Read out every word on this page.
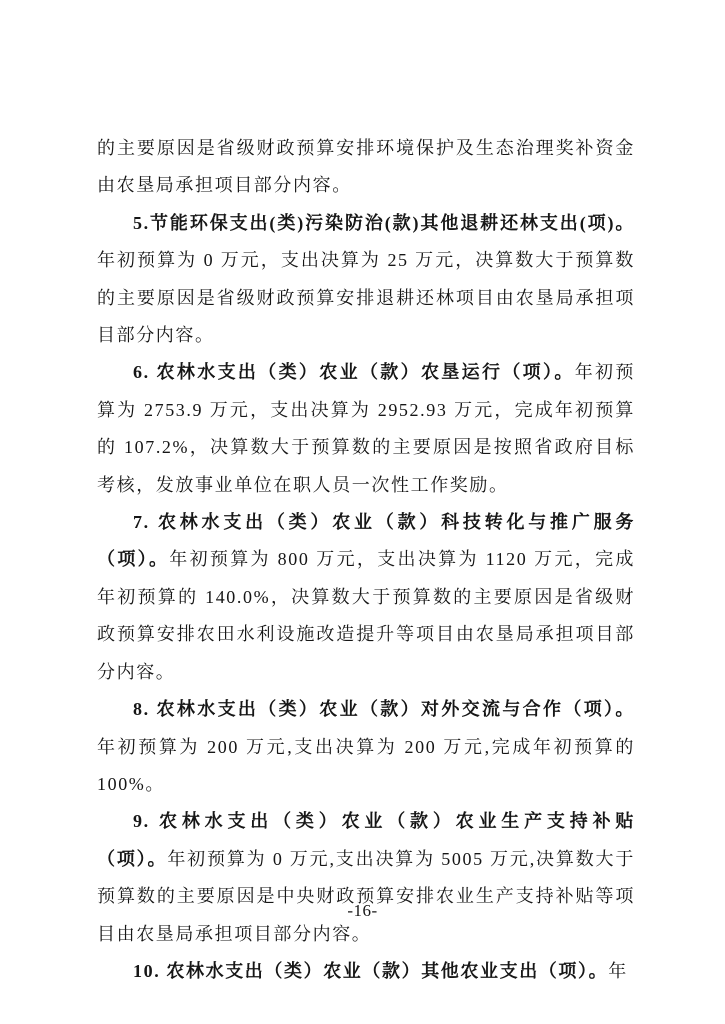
的主要原因是省级财政预算安排环境保护及生态治理奖补资金由农垦局承担项目部分内容。

5.节能环保支出(类)污染防治(款)其他退耕还林支出(项)。年初预算为 0 万元，支出决算为 25 万元，决算数大于预算数的主要原因是省级财政预算安排退耕还林项目由农垦局承担项目部分内容。

6. 农林水支出（类）农业（款）农垦运行（项）。年初预算为 2753.9 万元，支出决算为 2952.93 万元，完成年初预算的 107.2%，决算数大于预算数的主要原因是按照省政府目标考核，发放事业单位在职人员一次性工作奖励。

7. 农林水支出（类）农业（款）科技转化与推广服务（项）。年初预算为 800 万元，支出决算为 1120 万元，完成年初预算的 140.0%，决算数大于预算数的主要原因是省级财政预算安排农田水利设施改造提升等项目由农垦局承担项目部分内容。

8. 农林水支出（类）农业（款）对外交流与合作（项）。年初预算为 200 万元,支出决算为 200 万元,完成年初预算的 100%。

9. 农林水支出（类）农业（款）农业生产支持补贴（项）。年初预算为 0 万元,支出决算为 5005 万元,决算数大于预算数的主要原因是中央财政预算安排农业生产支持补贴等项目由农垦局承担项目部分内容。

10. 农林水支出（类）农业（款）其他农业支出（项）。年

-16-
